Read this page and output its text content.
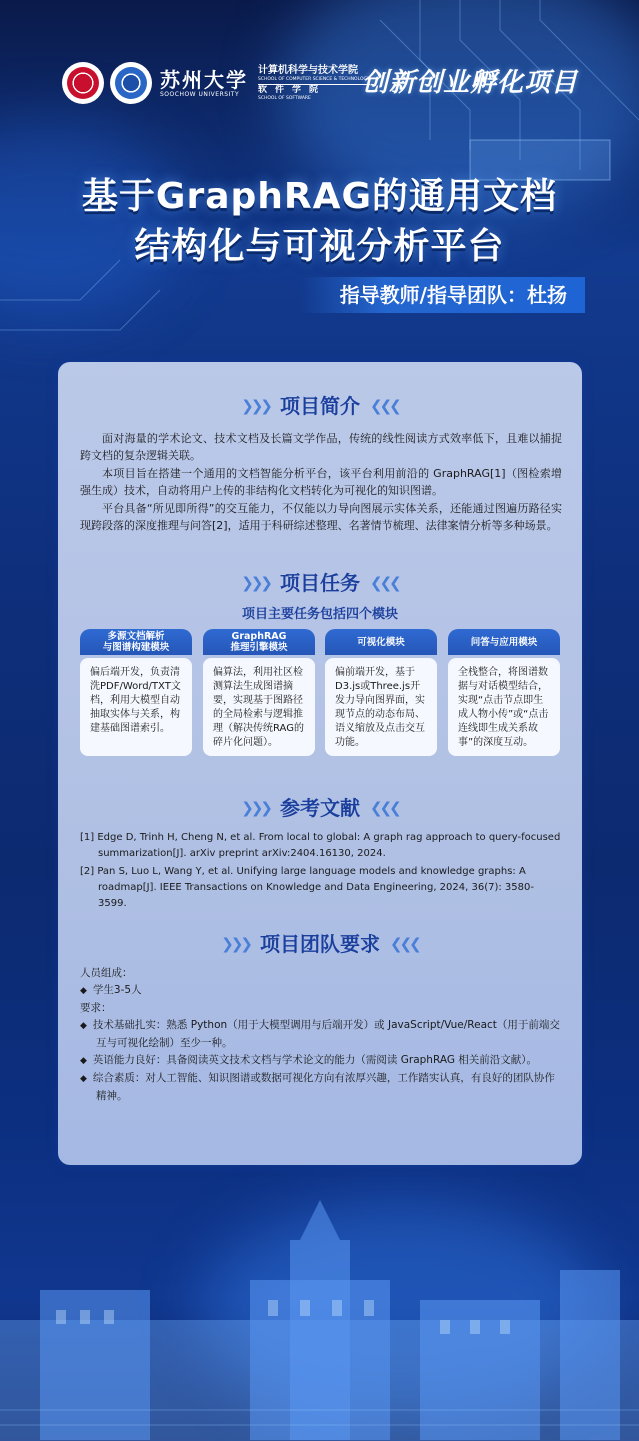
苏州大学
SOOCHOW UNIVERSITY
计算机科学与技术学院
SCHOOL OF COMPUTER SCIENCE & TECHNOLOGY
软件学院
SCHOOL OF SOFTWARE	创新创业孵化项目
基于GraphRAG的通用文档
结构化与可视分析平台
指导教师/指导团队：杜扬
❯❯❯ 项目简介 ❮❮❮
面对海量的学术论文、技术文档及长篇文学作品，传统的线性阅读方式效率低下，且难以捕捉跨文档的复杂逻辑关联。
本项目旨在搭建一个通用的文档智能分析平台，该平台利用前沿的 GraphRAG[1]（图检索增强生成）技术，自动将用户上传的非结构化文档转化为可视化的知识图谱。
平台具备“所见即所得”的交互能力，不仅能以力导向图展示实体关系，还能通过图遍历路径实现跨段落的深度推理与问答[2]，适用于科研综述整理、名著情节梳理、法律案情分析等多种场景。
❯❯❯ 项目任务 ❮❮❮
项目主要任务包括四个模块
多源文档解析
与图谱构建模块
偏后端开发，负责清洗PDF/Word/TXT文档，利用大模型自动抽取实体与关系，构建基础图谱索引。
GraphRAG
推理引擎模块
偏算法，利用社区检测算法生成图谱摘要，实现基于图路径的全局检索与逻辑推理（解决传统RAG的碎片化问题）。
可视化模块
偏前端开发，基于D3.js或Three.js开发力导向图界面，实现节点的动态布局、语义缩放及点击交互功能。
问答与应用模块
全栈整合，将图谱数据与对话模型结合，实现“点击节点即生成人物小传”或“点击连线即生成关系故事”的深度互动。
❯❯❯ 参考文献 ❮❮❮
[1] Edge D, Trinh H, Cheng N, et al. From local to global: A graph rag approach to query-focused summarization[J]. arXiv preprint arXiv:2404.16130, 2024.
[2] Pan S, Luo L, Wang Y, et al. Unifying large language models and knowledge graphs: A roadmap[J]. IEEE Transactions on Knowledge and Data Engineering, 2024, 36(7): 3580-3599.
❯❯❯ 项目团队要求 ❮❮❮
人员组成：
◆ 学生3-5人
要求：
◆ 技术基础扎实：熟悉 Python（用于大模型调用与后端开发）或 JavaScript/Vue/React（用于前端交互与可视化绘制）至少一种。
◆ 英语能力良好：具备阅读英文技术文档与学术论文的能力（需阅读 GraphRAG 相关前沿文献）。
◆ 综合素质：对人工智能、知识图谱或数据可视化方向有浓厚兴趣，工作踏实认真，有良好的团队协作精神。
